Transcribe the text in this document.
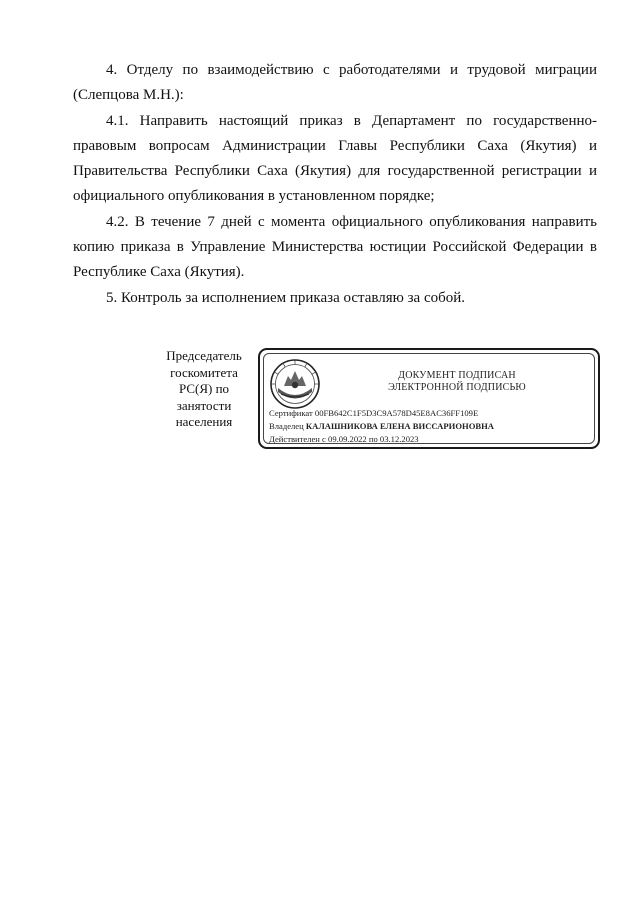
4. Отделу по взаимодействию с работодателями и трудовой миграции (Слепцова М.Н.):

4.1. Направить настоящий приказ в Департамент по государственно-правовым вопросам Администрации Главы Республики Саха (Якутия) и Правительства Республики Саха (Якутия) для государственной регистрации и официального опубликования в установленном порядке;

4.2. В течение 7 дней с момента официального опубликования направить копию приказа в Управление Министерства юстиции Российской Федерации в Республике Саха (Якутия).

5. Контроль за исполнением приказа оставляю за собой.

Председатель
госкомитета
РС(Я) по
занятости
населения
ДОКУМЕНТ ПОДПИСАН
ЭЛЕКТРОННОЙ ПОДПИСЬЮ
Сертификат 00FB642C1F5D3C9A578D45E8AC36FF109E
Владелец КАЛАШНИКОВА ЕЛЕНА ВИССАРИОНОВНА
Действителен с 09.09.2022 по 03.12.2023
